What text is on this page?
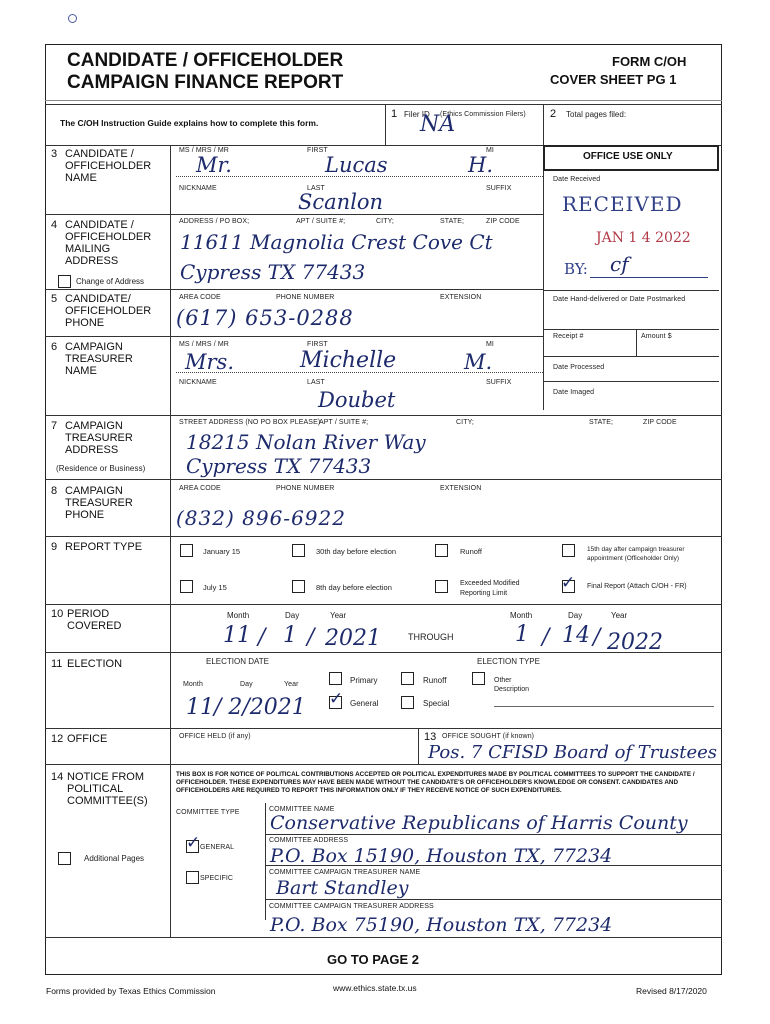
CANDIDATE / OFFICEHOLDER
CAMPAIGN FINANCE REPORT
FORM C/OH
COVER SHEET PG 1
The C/OH Instruction Guide explains how to complete this form.
1 Filer ID (Ethics Commission Filers)
NA	2 Total pages filed:
OFFICE USE ONLY
Date Received
RECEIVED
JAN 1 4 2022
BY: cf
Date Hand-delivered or Date Postmarked
Receipt #	Amount $
Date Processed
Date Imaged
3 CANDIDATE / OFFICEHOLDER NAME
MS / MRS / MR	FIRST	MI
Mr.	Lucas	H.
NICKNAME	LAST	SUFFIX
Scanlon
4 CANDIDATE / OFFICEHOLDER MAILING ADDRESS
Change of Address
ADDRESS / PO BOX;	APT / SUITE #;	CITY;	STATE;	ZIP CODE
11611 Magnolia Crest Cove Ct
Cypress TX 77433
5 CANDIDATE/ OFFICEHOLDER PHONE
AREA CODE	PHONE NUMBER	EXTENSION
(617) 653-0288
6 CAMPAIGN TREASURER NAME
MS / MRS / MR	FIRST	MI
Mrs.	Michelle	M.
NICKNAME	LAST	SUFFIX
Doubet
7 CAMPAIGN TREASURER ADDRESS
(Residence or Business)
STREET ADDRESS (NO PO BOX PLEASE)
APT / SUITE #;	CITY;	STATE;	ZIP CODE
18215 Nolan River Way
Cypress TX 77433
8 CAMPAIGN TREASURER PHONE
AREA CODE	PHONE NUMBER	EXTENSION
(832) 896-6922
9 REPORT TYPE	January 15	30th day before election	Runoff	15th day after campaign treasurer appointment (Officeholder Only)
July 15	8th day before election	Exceeded Modified Reporting Limit
✓ Final Report (Attach C/OH - FR)
10 PERIOD COVERED
Month	Day	Year
11 / 1 / 2021	THROUGH
Month	Day	Year
1 / 14 / 2022
11 ELECTION	ELECTION DATE	ELECTION TYPE
Month	Day	Year
11/ 2/2021
Primary	Runoff	Other Description
✓ General	Special
12 OFFICE	OFFICE HELD (if any)	13 OFFICE SOUGHT (if known)
Pos. 7 CFISD Board of Trustees
14 NOTICE FROM POLITICAL COMMITTEE(S)
THIS BOX IS FOR NOTICE OF POLITICAL CONTRIBUTIONS ACCEPTED OR POLITICAL EXPENDITURES MADE BY POLITICAL COMMITTEES TO SUPPORT THE CANDIDATE / OFFICEHOLDER. THESE EXPENDITURES MAY HAVE BEEN MADE WITHOUT THE CANDIDATE'S OR OFFICEHOLDER'S KNOWLEDGE OR CONSENT. CANDIDATES AND OFFICEHOLDERS ARE REQUIRED TO REPORT THIS INFORMATION ONLY IF THEY RECEIVE NOTICE OF SUCH EXPENDITURES.
Additional Pages
COMMITTEE TYPE
✓ GENERAL
SPECIFIC
COMMITTEE NAME
Conservative Republicans of Harris County
COMMITTEE ADDRESS
P.O. Box 15190, Houston TX, 77234
COMMITTEE CAMPAIGN TREASURER NAME
Bart Standley
COMMITTEE CAMPAIGN TREASURER ADDRESS
P.O. Box 75190, Houston TX, 77234
GO TO PAGE 2
Forms provided by Texas Ethics Commission	www.ethics.state.tx.us	Revised 8/17/2020
